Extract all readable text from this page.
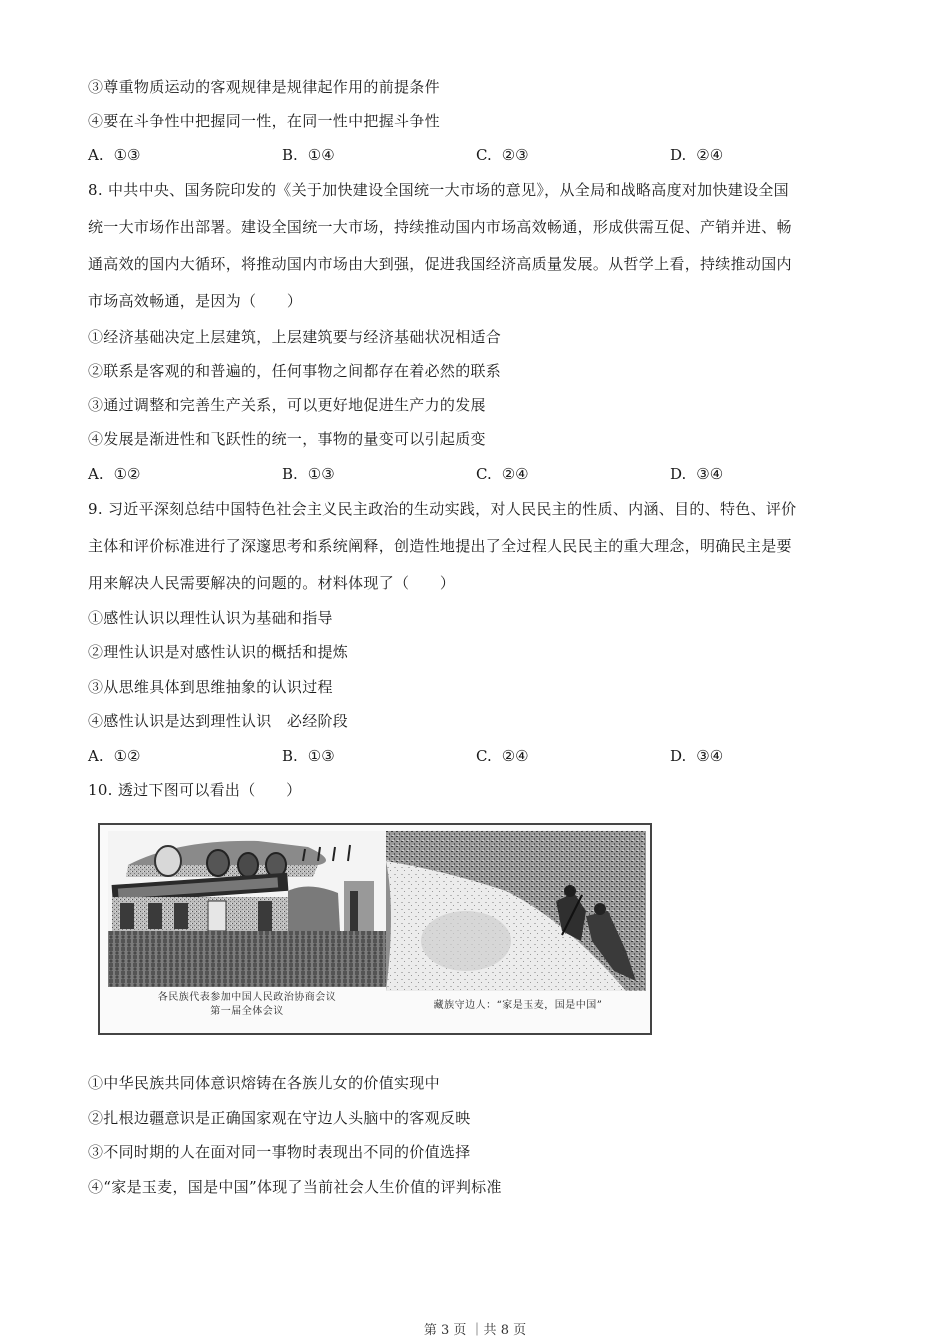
③尊重物质运动的客观规律是规律起作用的前提条件
④要在斗争性中把握同一性，在同一性中把握斗争性
A. ①③	B. ①④	C. ②③	D. ②④
8. 中共中央、国务院印发的《关于加快建设全国统一大市场的意见》，从全局和战略高度对加快建设全国
统一大市场作出部署。建设全国统一大市场，持续推动国内市场高效畅通，形成供需互促、产销并进、畅
通高效的国内大循环，将推动国内市场由大到强，促进我国经济高质量发展。从哲学上看，持续推动国内
市场高效畅通，是因为（　　）
①经济基础决定上层建筑，上层建筑要与经济基础状况相适合
②联系是客观的和普遍的，任何事物之间都存在着必然的联系
③通过调整和完善生产关系，可以更好地促进生产力的发展
④发展是渐进性和飞跃性的统一，事物的量变可以引起质变
A. ①②	B. ①③	C. ②④	D. ③④
9. 习近平深刻总结中国特色社会主义民主政治的生动实践，对人民民主的性质、内涵、目的、特色、评价
主体和评价标准进行了深邃思考和系统阐释，创造性地提出了全过程人民民主的重大理念，明确民主是要
用来解决人民需要解决的问题的。材料体现了（　　）
①感性认识以理性认识为基础和指导
②理性认识是对感性认识的概括和提炼
③从思维具体到思维抽象的认识过程
④感性认识是达到理性认识　必经阶段
A. ①②	B. ①③	C. ②④	D. ③④
10. 透过下图可以看出（　　）
各民族代表参加中国人民政治协商会议
第一届全体会议
藏族守边人：“家是玉麦，国是中国”
①中华民族共同体意识熔铸在各族儿女的价值实现中
②扎根边疆意识是正确国家观在守边人头脑中的客观反映
③不同时期的人在面对同一事物时表现出不同的价值选择
④“家是玉麦，国是中国”体现了当前社会人生价值的评判标准
第 3 页 ｜共 8 页
